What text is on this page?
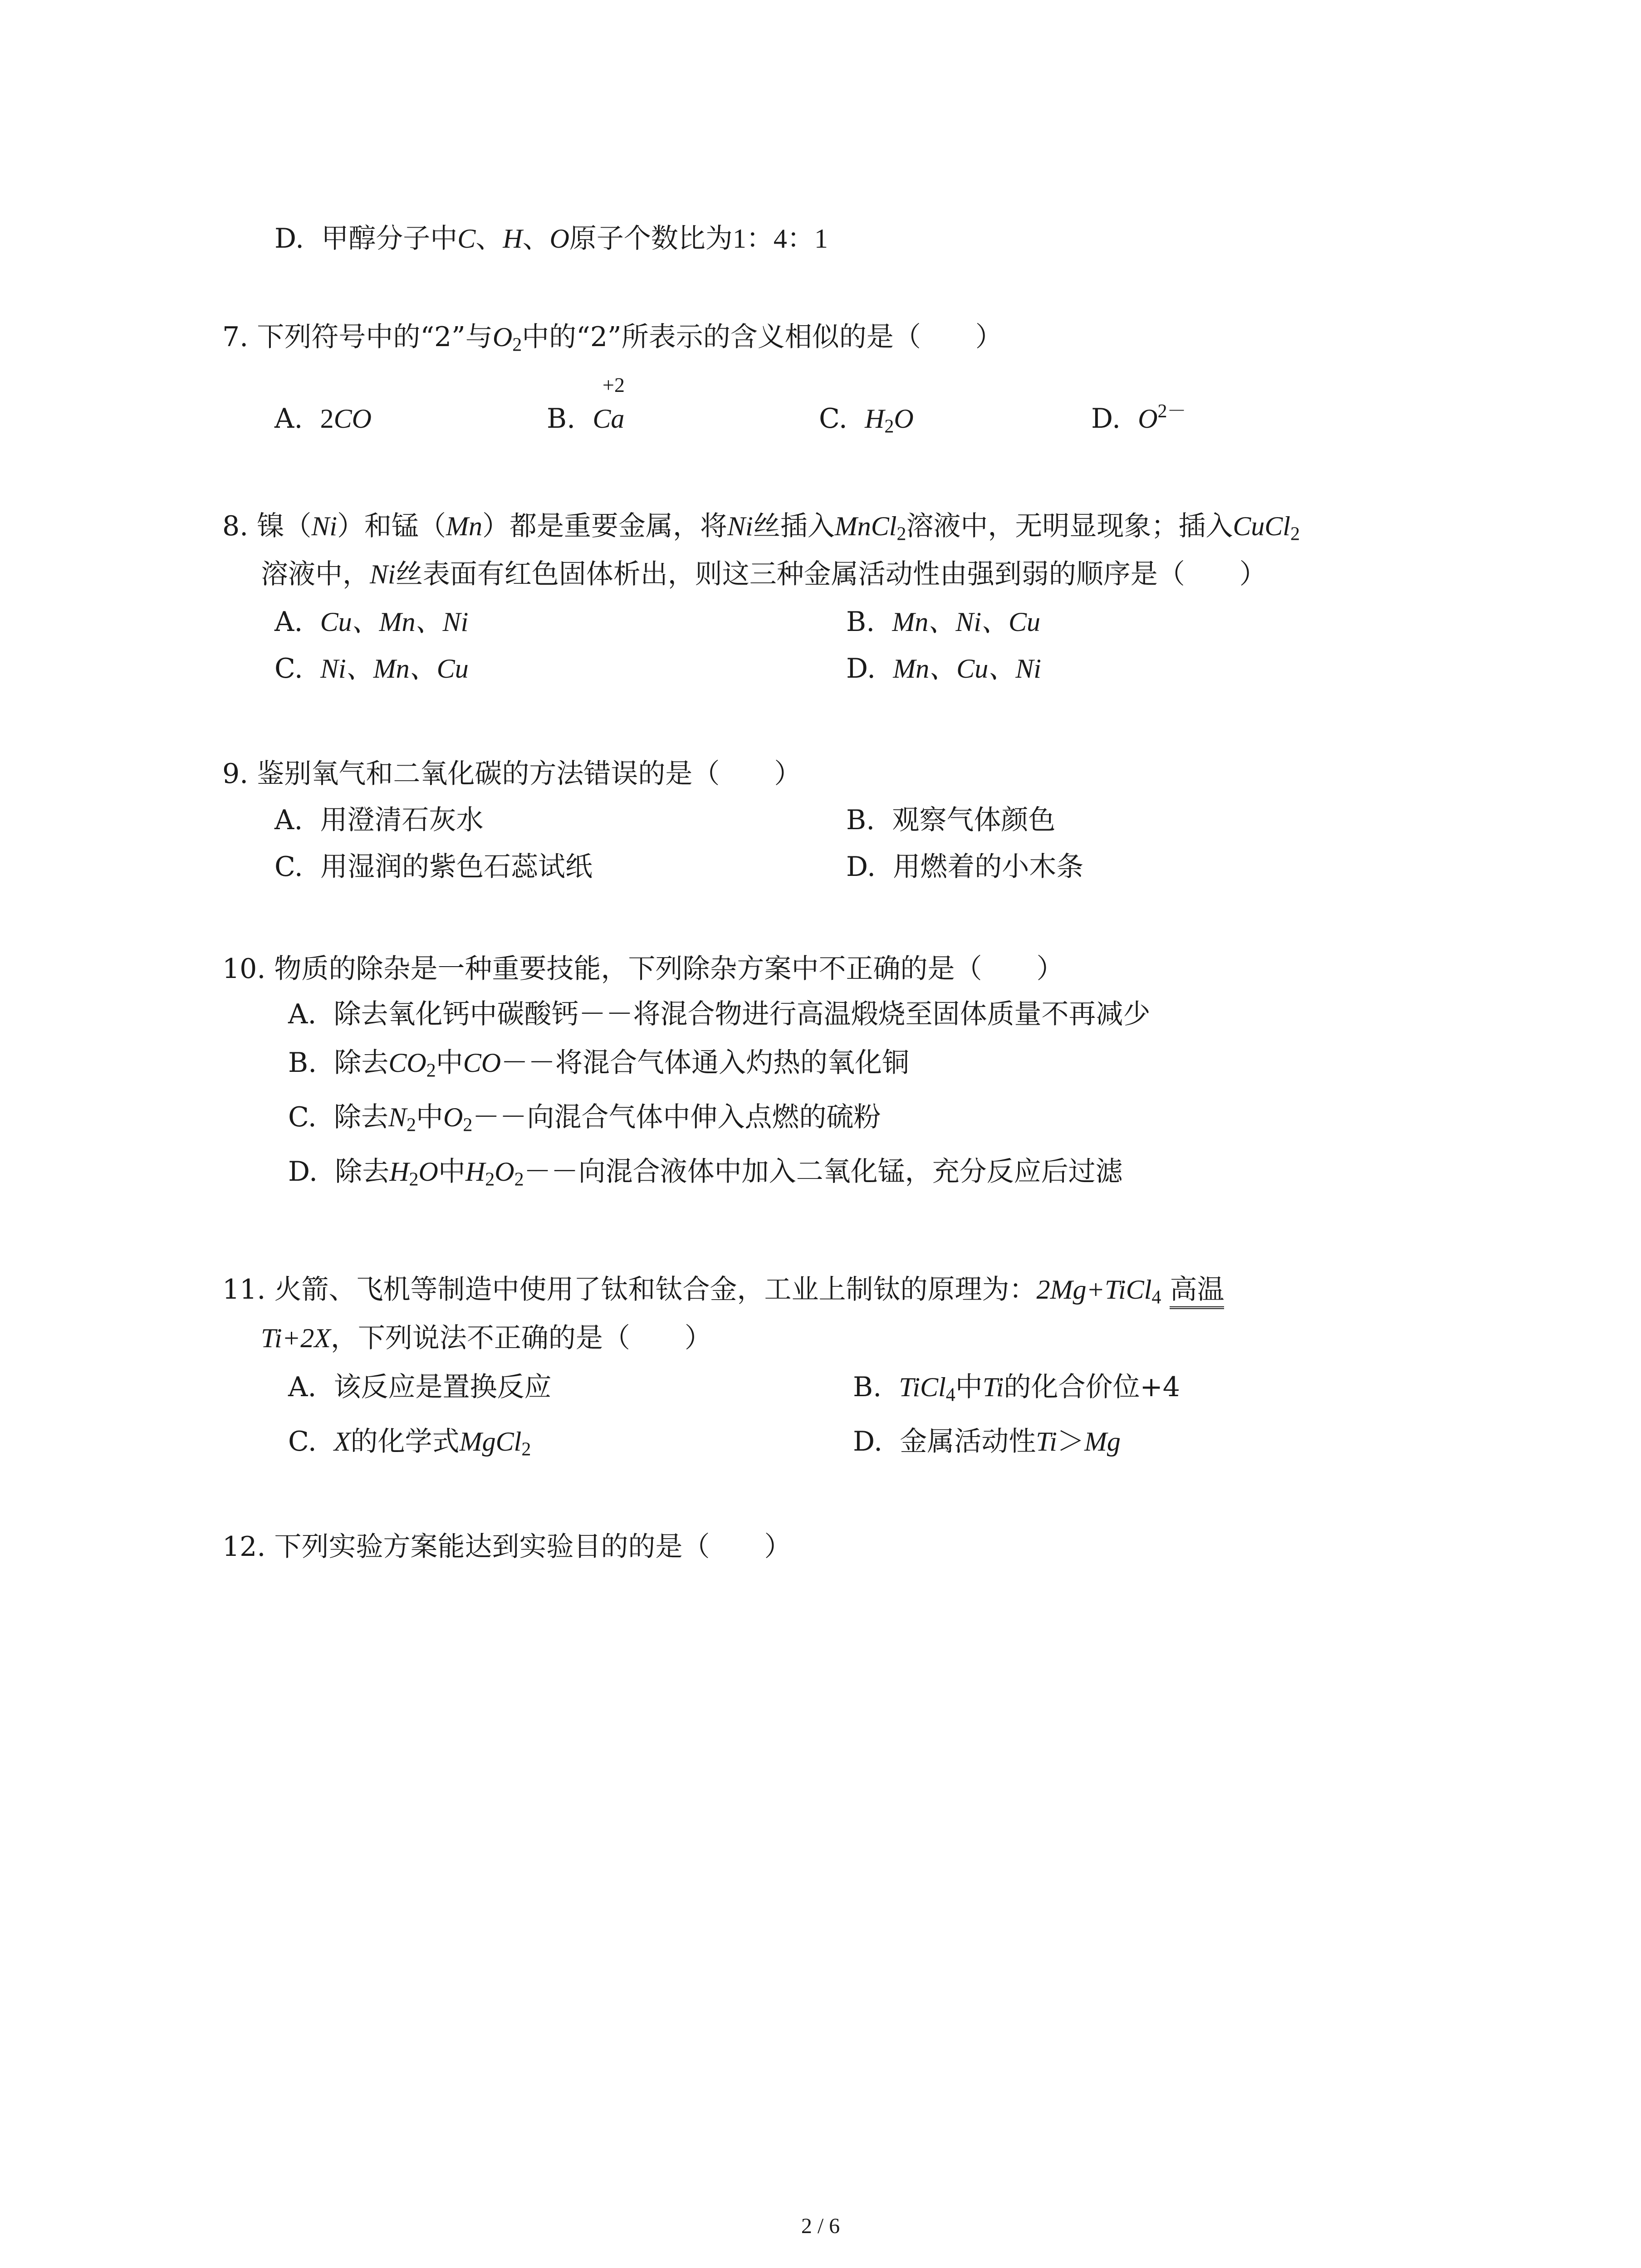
D. 甲醇分子中C、H、O原子个数比为1：4：1
7. 下列符号中的“2”与$O_2$中的“2”所表示的含义相似的是（　　）
A. 2CO	B. Ca
+2
C. $H_2O$	D. $O^{2-}$
8. 镍（Ni）和锰（Mn）都是重要金属，将Ni丝插入MnCl$_2$溶液中，无明显现象；插入CuCl$_2$
溶液中，Ni丝表面有红色固体析出，则这三种金属活动性由强到弱的顺序是（　　）
A. Cu、Mn、Ni	B. Mn、Ni、Cu
C. Ni、Mn、Cu	D. Mn、Cu、Ni
9. 鉴别氧气和二氧化碳的方法错误的是（　　）
A. 用澄清石灰水	B. 观察气体颜色
C. 用湿润的紫色石蕊试纸	D. 用燃着的小木条
10. 物质的除杂是一种重要技能，下列除杂方案中不正确的是（　　）
A. 除去氧化钙中碳酸钙－－将混合物进行高温煅烧至固体质量不再减少
B. 除去$CO_2$中CO－－将混合气体通入灼热的氧化铜
C. 除去$N_2$中$O_2--$向混合气体中伸入点燃的硫粉
D. 除去$H_2O$中$H_2O_2--$向混合液体中加入二氧化锰，充分反应后过滤
11. 火箭、飞机等制造中使用了钛和钛合金，工业上制钛的原理为：2Mg+TiCl$_4$ 高温
Ti+2X，下列说法不正确的是（　　）
A. 该反应是置换反应	B. TiCl$_4$中Ti的化合价位+4
C. X的化学式MgCl$_2$	D. 金属活动性Ti＞Mg
12. 下列实验方案能达到实验目的的是（　　）
2 / 6
